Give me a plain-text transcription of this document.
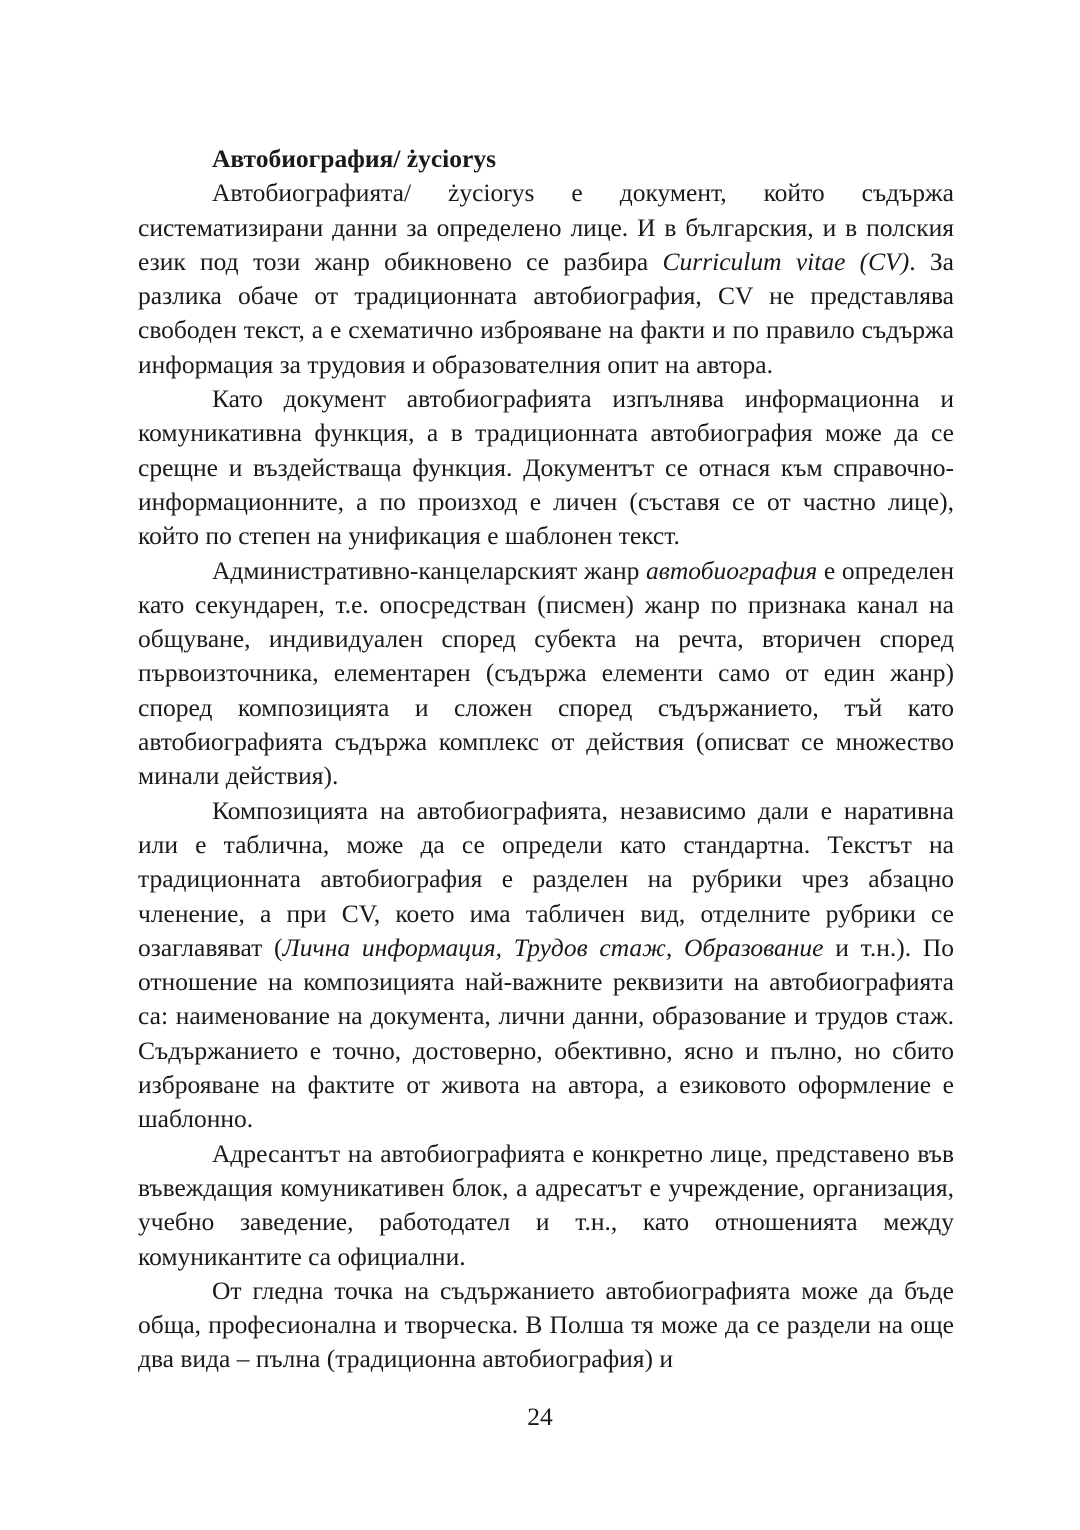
Автобиография/ życiorys

Автобиографията/ życiorys е документ, който съдържа систематизирани данни за определено лице. И в българския, и в полския език под този жанр обикновено се разбира Curriculum vitae (CV). За разлика обаче от традиционната автобиография, CV не представлява свободен текст, а е схематично изброяване на факти и по правило съдържа информация за трудовия и образователния опит на автора.

Като документ автобиографията изпълнява информационна и комуникативна функция, а в традиционната автобиография може да се срещне и въздействаща функция. Документът се отнася към справочно-информационните, а по произход е личен (съставя се от частно лице), който по степен на унификация е шаблонен текст.

Административно-канцеларският жанр автобиография е определен като секундарен, т.е. опосредстван (писмен) жанр по признака канал на общуване, индивидуален според субекта на речта, вторичен според първоизточника, елементарен (съдържа елементи само от един жанр) според композицията и сложен според съдържанието, тъй като автобиографията съдържа комплекс от действия (описват се множество минали действия).

Композицията на автобиографията, независимо дали е наративна или е таблична, може да се определи като стандартна. Текстът на традиционната автобиография е разделен на рубрики чрез абзацно членение, а при CV, което има табличен вид, отделните рубрики се озаглавяват (Лична информация, Трудов стаж, Образование и т.н.). По отношение на композицията най-важните реквизити на автобиографията са: наименование на документа, лични данни, образование и трудов стаж. Съдържанието е точно, достоверно, обективно, ясно и пълно, но сбито изброяване на фактите от живота на автора, а езиковото оформление е шаблонно.

Адресантът на автобиографията е конкретно лице, представено във въвеждащия комуникативен блок, а адресатът е учреждение, организация, учебно заведение, работодател и т.н., като отношенията между комуникантите са официални.

От гледна точка на съдържанието автобиографията може да бъде обща, професионална и творческа. В Полша тя може да се раздели на още два вида – пълна (традиционна автобиография) и

24
